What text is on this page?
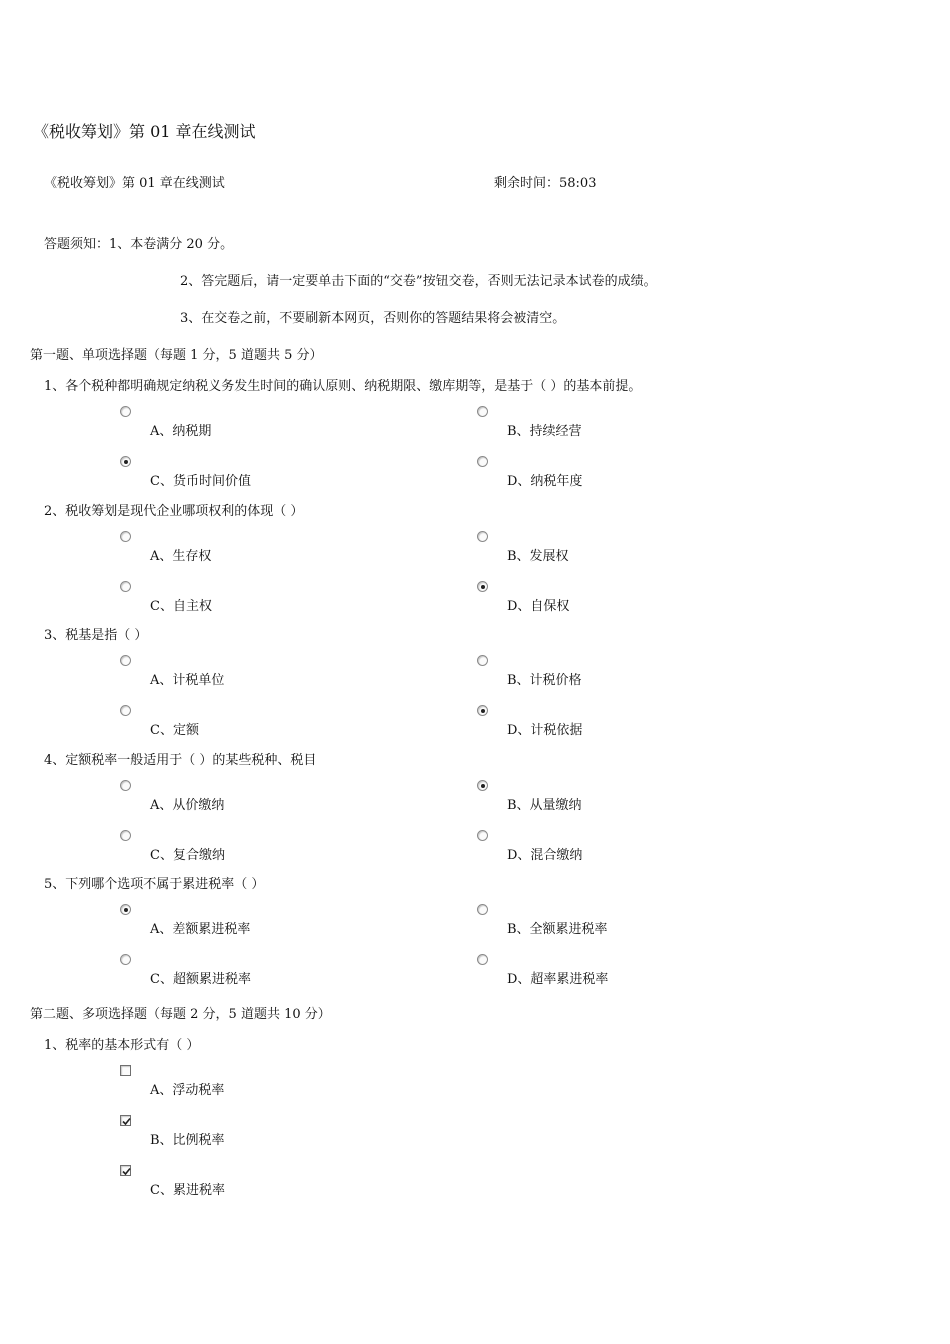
《税收筹划》第 01 章在线测试
《税收筹划》第 01 章在线测试	剩余时间：58:03
答题须知：1、本卷满分 20 分。
2、答完题后，请一定要单击下面的“交卷”按钮交卷，否则无法记录本试卷的成绩。
3、在交卷之前，不要刷新本网页，否则你的答题结果将会被清空。
第一题、单项选择题（每题 1 分，5 道题共 5 分）
1、各个税种都明确规定纳税义务发生时间的确认原则、纳税期限、缴库期等，是基于（ ）的基本前提。
A、纳税期	B、持续经营
C、货币时间价值	D、纳税年度
2、税收筹划是现代企业哪项权利的体现（ ）
A、生存权	B、发展权
C、自主权	D、自保权
3、税基是指（ ）
A、计税单位	B、计税价格
C、定额	D、计税依据
4、定额税率一般适用于（ ）的某些税种、税目
A、从价缴纳	B、从量缴纳
C、复合缴纳	D、混合缴纳
5、下列哪个选项不属于累进税率（ ）
A、差额累进税率	B、全额累进税率
C、超额累进税率	D、超率累进税率
第二题、多项选择题（每题 2 分，5 道题共 10 分）
1、税率的基本形式有（ ）
A、浮动税率
B、比例税率
C、累进税率
